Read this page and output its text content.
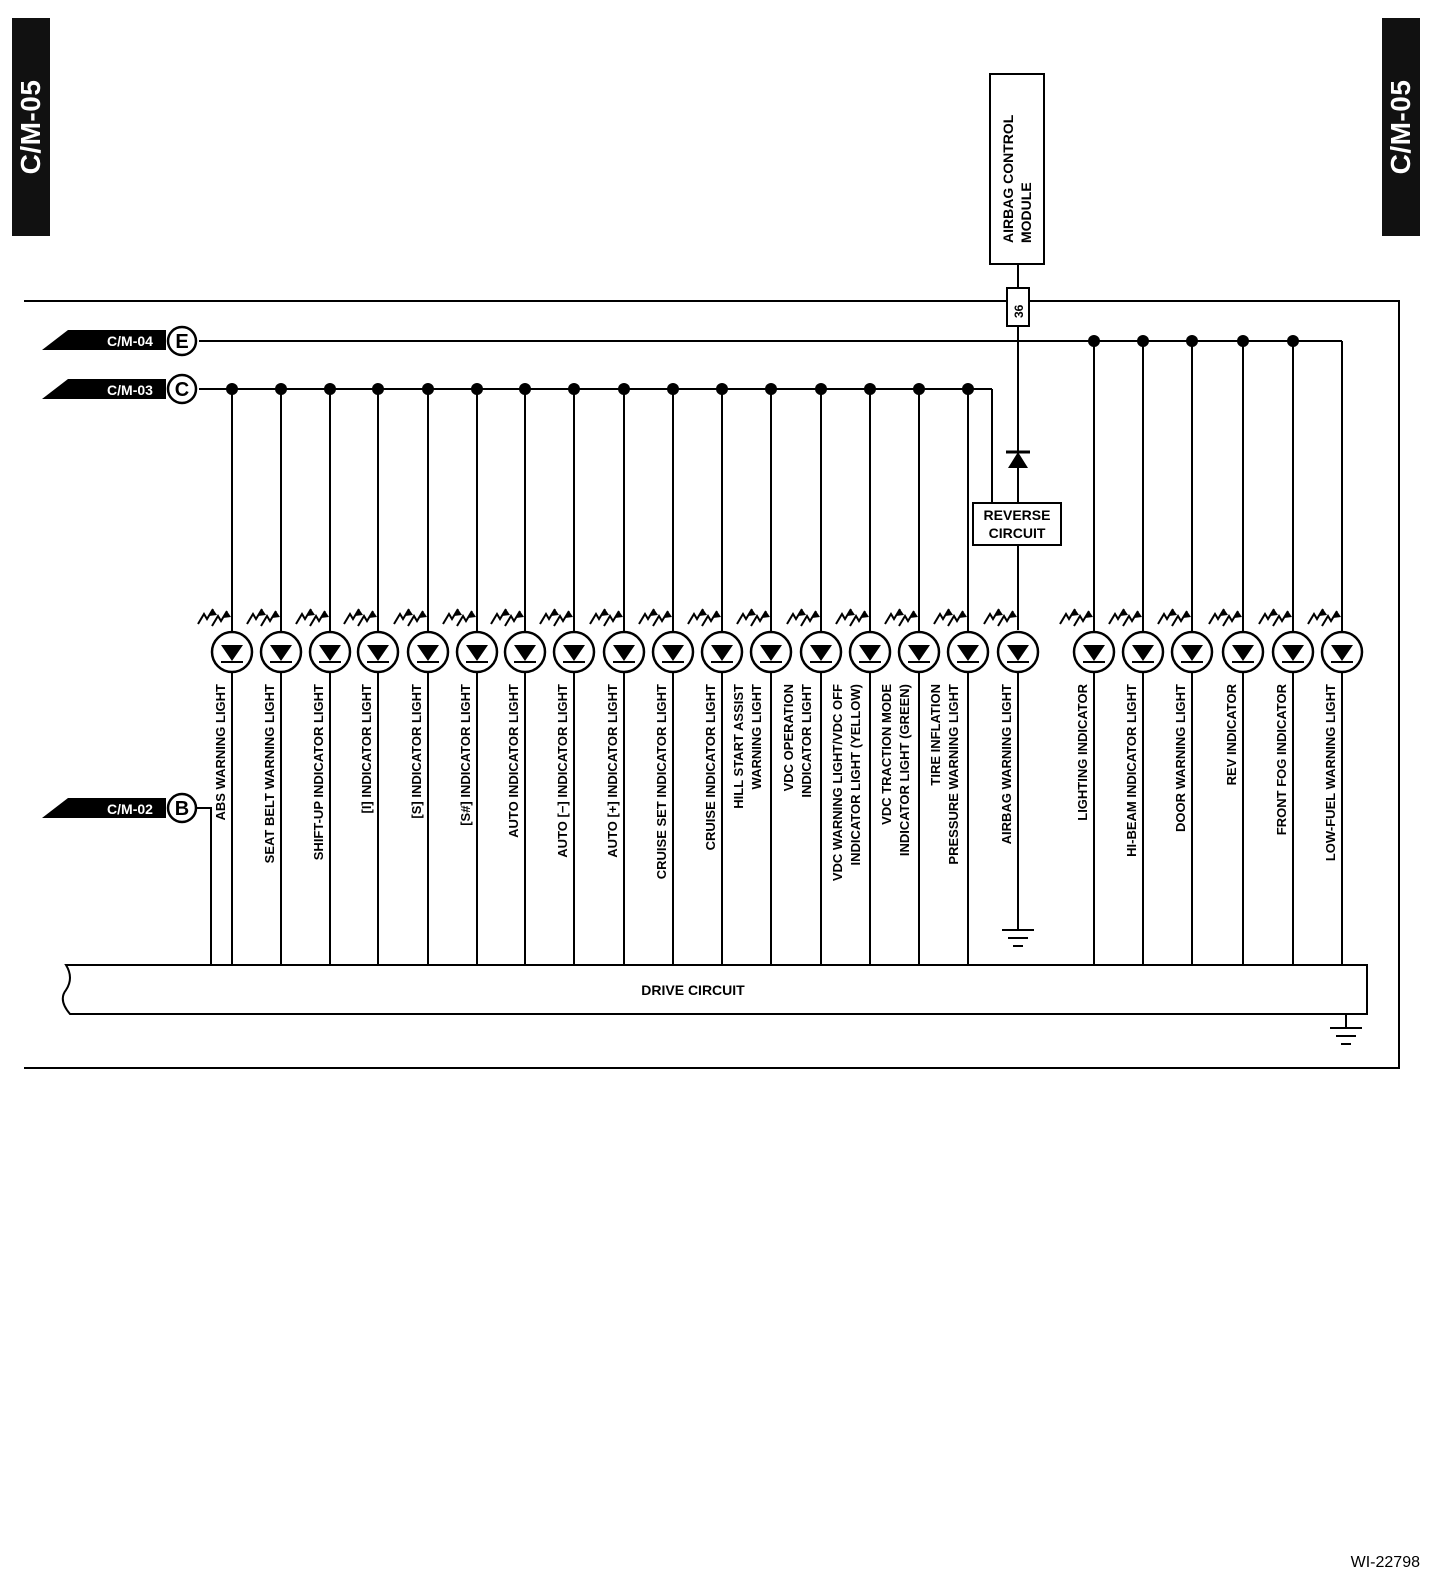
C/M-05	C/M-05
AIRBAG CONTROL MODULE
36
REVERSE
CIRCUIT
C/M-04 E
C/M-03 C
C/M-02 B ABS WARNING LIGHT	SEAT BELT WARNING LIGHT	SHIFT-UP INDICATOR LIGHT	[I] INDICATOR LIGHT	[S] INDICATOR LIGHT	[S#] INDICATOR LIGHT	AUTO INDICATOR LIGHT	AUTO [−] INDICATOR LIGHT	AUTO [+] INDICATOR LIGHT	CRUISE SET INDICATOR LIGHT	CRUISE INDICATOR LIGHT HILL START ASSIST WARNING LIGHT VDC OPERATION INDICATOR LIGHT VDC WARNING LIGHT/VDC OFF INDICATOR LIGHT (YELLOW) VDC TRACTION MODE INDICATOR LIGHT (GREEN) TIRE INFLATION PRESSURE WARNING LIGHT	AIRBAG WARNING LIGHT	LIGHTING INDICATOR	HI-BEAM INDICATOR LIGHT	DOOR WARNING LIGHT	REV INDICATOR	FRONT FOG INDICATOR	LOW-FUEL WARNING LIGHT
DRIVE CIRCUIT
WI-22798
